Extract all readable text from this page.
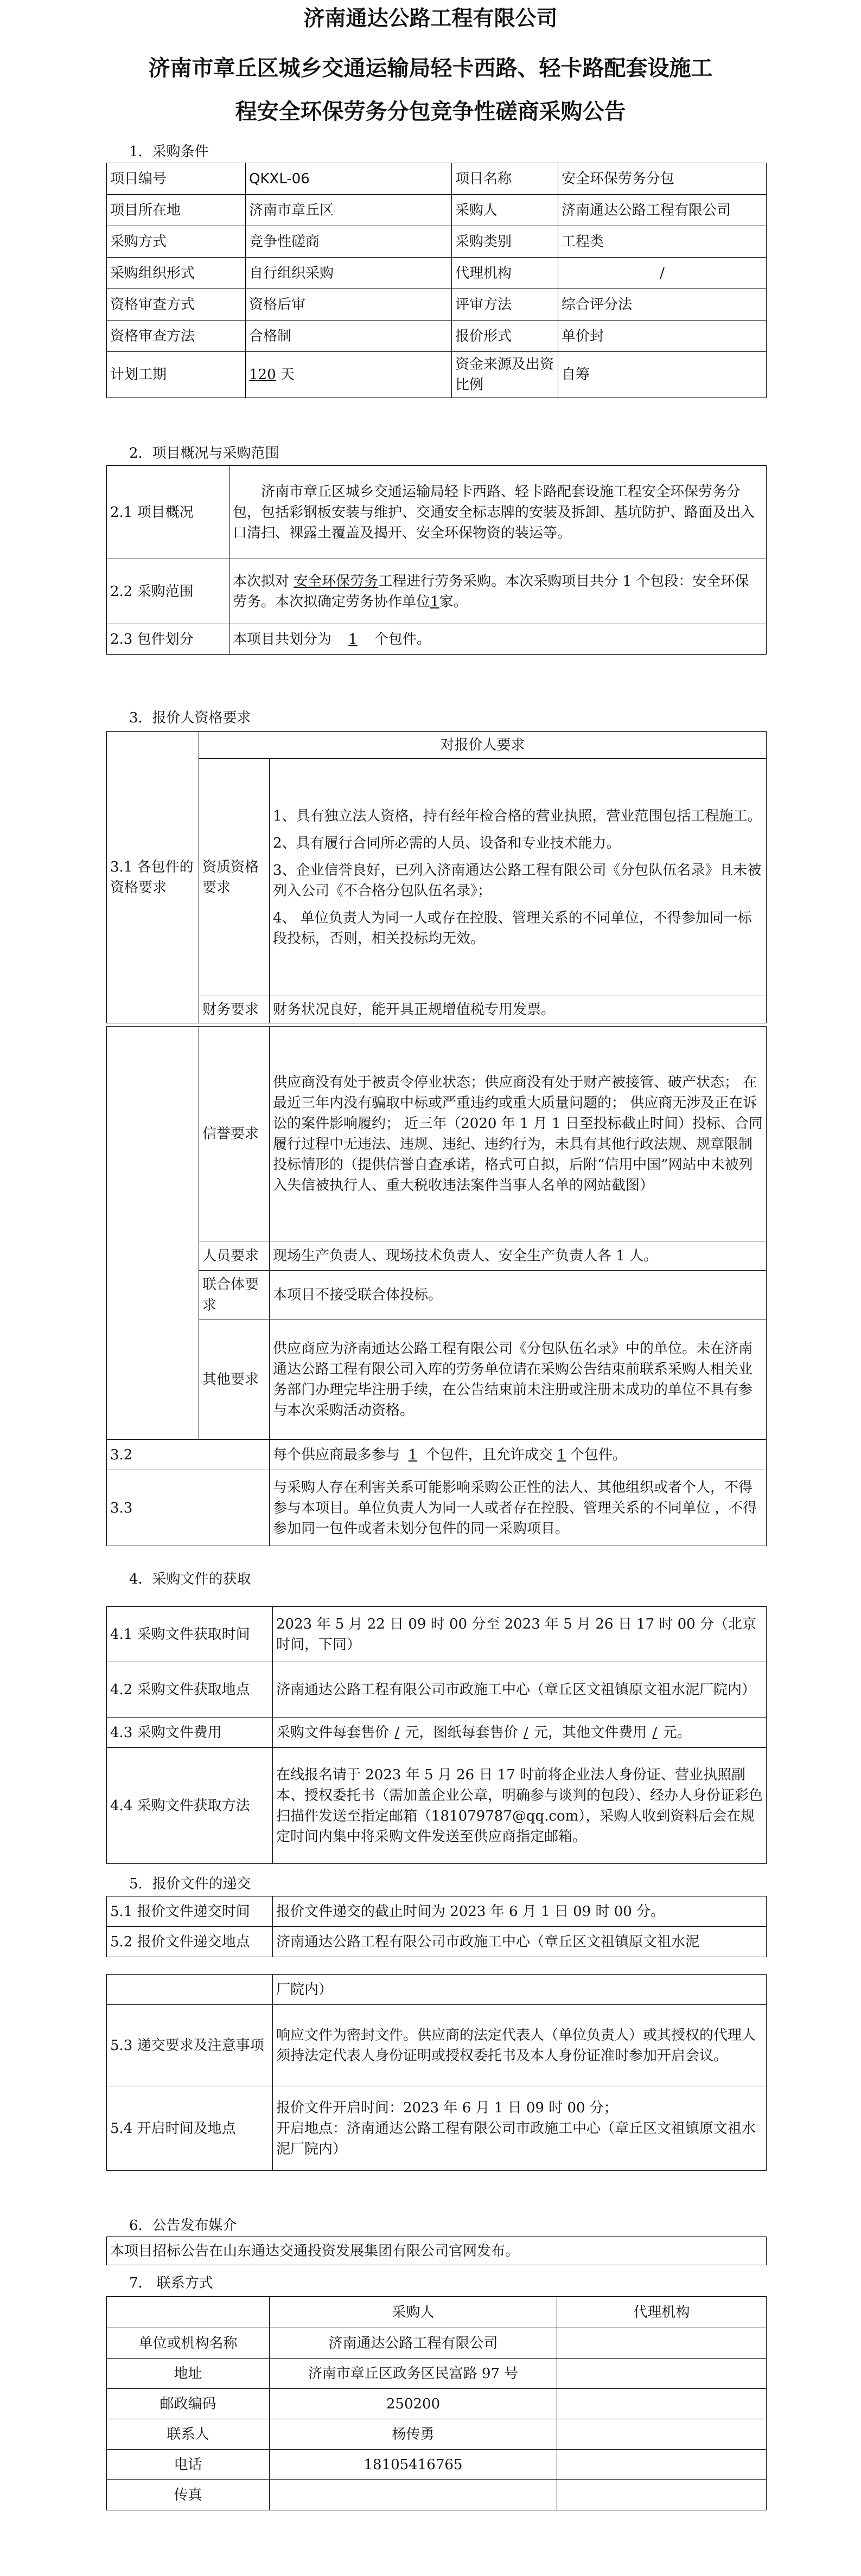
济南通达公路工程有限公司
济南市章丘区城乡交通运输局轻卡西路、轻卡路配套设施工
程安全环保劳务分包竞争性磋商采购公告
1．采购条件
项目编号	QKXL-06	项目名称	安全环保劳务分包
项目所在地	济南市章丘区	采购人	济南通达公路工程有限公司
采购方式	竞争性磋商	采购类别	工程类
采购组织形式	自行组织采购	代理机构	/
资格审查方式	资格后审	评审方法	综合评分法
资格审查方法	合格制	报价形式	单价封
计划工期	120 天	资金来源及出资比例	自筹
2．项目概况与采购范围
2.1 项目概况	济南市章丘区城乡交通运输局轻卡西路、轻卡路配套设施工程安全环保劳务分包，包括彩钢板安装与维护、交通安全标志牌的安装及拆卸、基坑防护、路面及出入口清扫、裸露土覆盖及揭开、安全环保物资的装运等。
2.2 采购范围	本次拟对 安全环保劳务工程进行劳务采购。本次采购项目共分 1 个包段：安全环保劳务。本次拟确定劳务协作单位1家。
2.3 包件划分	本项目共划分为 1 个包件。
3．报价人资格要求
3.1 各包件的资格要求	对报价人要求	
	资质资格要求	1、具有独立法人资格，持有经年检合格的营业执照，营业范围包括工程施工。
2、具有履行合同所必需的人员、设备和专业技术能力。
3、企业信誉良好，已列入济南通达公路工程有限公司《分包队伍名录》且未被列入公司《不合格分包队伍名录》；
4、 单位负责人为同一人或存在控股、管理关系的不同单位，不得参加同一标段投标，否则，相关投标均无效。

	财务要求	财务状况良好，能开具正规增值税专用发票。
	信誉要求	供应商没有处于被责令停业状态；供应商没有处于财产被接管、破产状态； 在最近三年内没有骗取中标或严重违约或重大质量问题的； 供应商无涉及正在诉讼的案件影响履约； 近三年（2020 年 1 月 1 日至投标截止时间）投标、合同履行过程中无违法、违规、违纪、违约行为，未具有其他行政法规、规章限制投标情形的（提供信誉自查承诺，格式可自拟，后附“信用中国”网站中未被列入失信被执行人、重大税收违法案件当事人名单的网站截图）
	人员要求	现场生产负责人、现场技术负责人、安全生产负责人各 1 人。
	联合体要求	本项目不接受联合体投标。
	其他要求	供应商应为济南通达公路工程有限公司《分包队伍名录》中的单位。未在济南通达公路工程有限公司入库的劳务单位请在采购公告结束前联系采购人相关业务部门办理完毕注册手续，在公告结束前未注册或注册未成功的单位不具有参与本次采购活动资格。
3.2		每个供应商最多参与 1 个包件，且允许成交 1 个包件。
3.3		与采购人存在利害关系可能影响采购公正性的法人、其他组织或者个人，不得参与本项目。单位负责人为同一人或者存在控股、管理关系的不同单位 ，不得参加同一包件或者未划分包件的同一采购项目。
4．采购文件的获取
4.1 采购文件获取时间	2023 年 5 月 22 日 09 时 00 分至 2023 年 5 月 26 日 17 时 00 分（北京时间，下同）
4.2 采购文件获取地点	济南通达公路工程有限公司市政施工中心（章丘区文祖镇原文祖水泥厂院内）
4.3 采购文件费用	采购文件每套售价 / 元，图纸每套售价 / 元，其他文件费用 / 元。
4.4 采购文件获取方法	在线报名请于 2023 年 5 月 26 日 17 时前将企业法人身份证、营业执照副本、授权委托书（需加盖企业公章，明确参与谈判的包段）、经办人身份证彩色扫描件发送至指定邮箱（181079787@qq.com），采购人收到资料后会在规定时间内集中将采购文件发送至供应商指定邮箱。
5．报价文件的递交
5.1 报价文件递交时间	报价文件递交的截止时间为 2023 年 6 月 1 日 09 时 00 分。
5.2 报价文件递交地点	济南通达公路工程有限公司市政施工中心（章丘区文祖镇原文祖水泥
	厂院内）
5.3 递交要求及注意事项	响应文件为密封文件。供应商的法定代表人（单位负责人）或其授权的代理人须持法定代表人身份证明或授权委托书及本人身份证准时参加开启会议。
5.4 开启时间及地点	报价文件开启时间：2023 年 6 月 1 日 09 时 00 分；
开启地点：济南通达公路工程有限公司市政施工中心（章丘区文祖镇原文祖水泥厂院内）
6．公告发布媒介
本项目招标公告在山东通达交通投资发展集团有限公司官网发布。
7． 联系方式
	采购人	代理机构
单位或机构名称	济南通达公路工程有限公司	
地址	济南市章丘区政务区民富路 97 号	
邮政编码	250200	
联系人	杨传勇	
电话	18105416765	
传真		
